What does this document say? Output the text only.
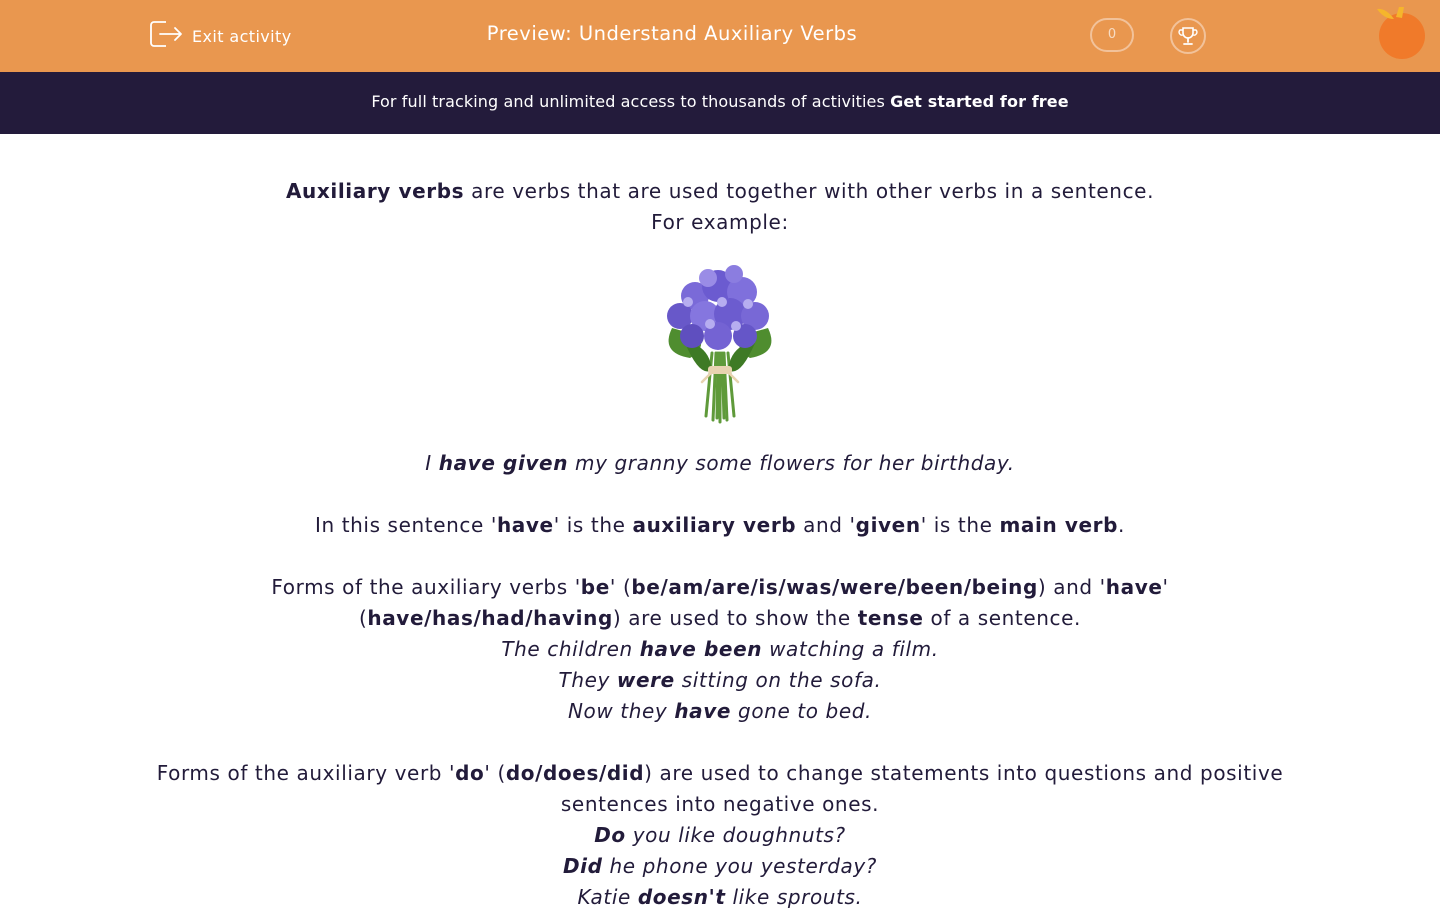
Exit activity	Preview: Understand Auxiliary Verbs	0
For full tracking and unlimited access to thousands of activities Get started for free

Auxiliary verbs are verbs that are used together with other verbs in a sentence.

For example:

I have given my granny some flowers for her birthday.

In this sentence 'have' is the auxiliary verb and 'given' is the main verb.

Forms of the auxiliary verbs 'be' (be/am/are/is/was/were/been/being) and 'have'
(have/has/had/having) are used to show the tense of a sentence.

The children have been watching a film.

They were sitting on the sofa.

Now they have gone to bed.

Forms of the auxiliary verb 'do' (do/does/did) are used to change statements into questions and positive
sentences into negative ones.

Do you like doughnuts?

Did he phone you yesterday?

Katie doesn't like sprouts.
